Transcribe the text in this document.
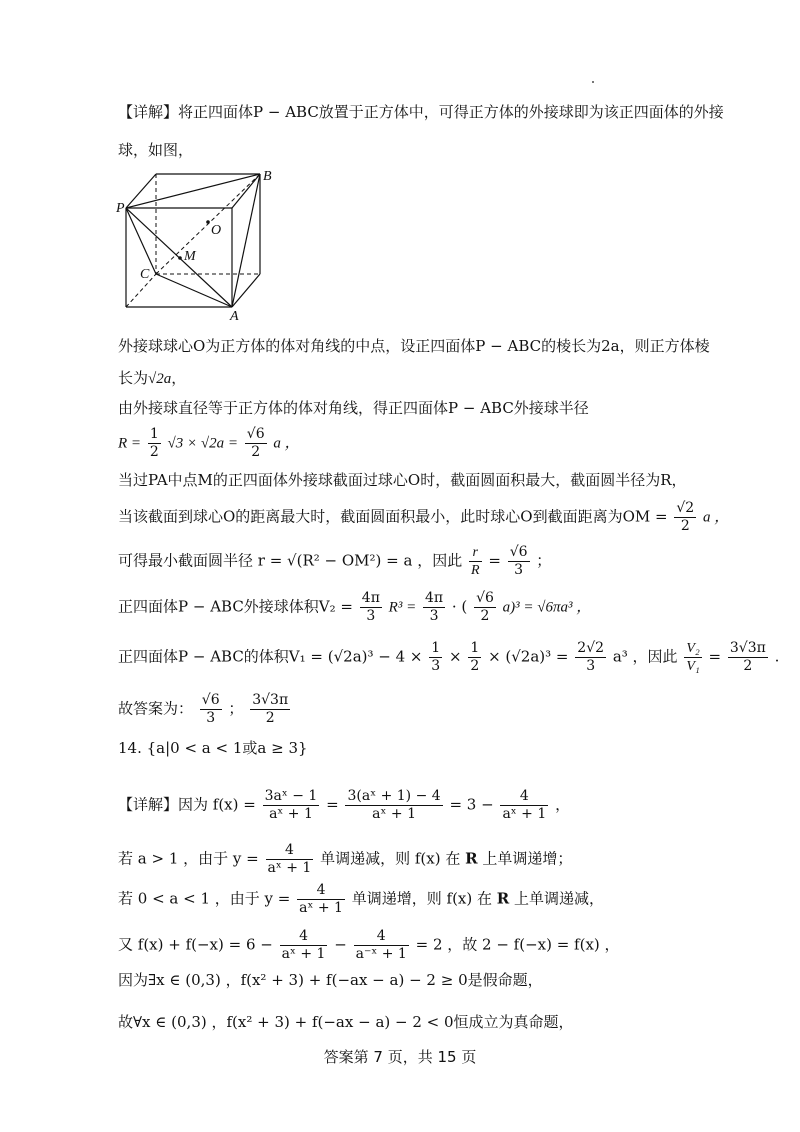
【详解】将正四面体P − ABC放置于正方体中，可得正方体的外接球即为该正四面体的外接
球，如图，
B
P
O
M
C
A
外接球球心O为正方体的体对角线的中点，设正四面体P − ABC的棱长为2a，则正方体棱
长为√2a，
由外接球直径等于正方体的体对角线，得正四面体P − ABC外接球半径
$R = \frac{1}{2} √3 \times √2a = \frac{√6}{2}$ a ，
当过PA中点M的正四面体外接球截面过球心O时，截面圆面积最大，截面圆半径为R，
当该截面到球心O的距离最大时，截面圆面积最小，此时球心O到截面距离为OM = $\frac{√2}{2}$ a ，
可得最小截面圆半径 r = √(R² − OM²) = a ，因此 $\frac{r}{R} = \frac{√6}{3}$ ；
正四面体P − ABC外接球体积$V_2 = \frac{4\pi}{3} R^3 = \frac{4\pi}{3}$ · ( $\frac{√6}{2} a)^3 = √6\pi a^3$ ，
正四面体P − ABC的体积$V_1 = (√2a)^3 - 4 \times \frac{1}{3} \times \frac{1}{2} \times (√2a)^3 = \frac{2√2}{3} a^3$ ，因此 $\frac{\text{V₂}}{\text{V₁}} = \frac{3√3\pi}{2}$ .
故答案为： $\frac{√6}{3}$ ； $\frac{3√3\pi}{2}$
14. {a|0 < a < 1或a ≥ 3}
【详解】因为 $f(x) = \frac{\text{3aˣ − 1}}{\text{aˣ + 1}} = \frac{\text{3(aˣ + 1) − 4}}{\text{aˣ + 1}} = 3 - \frac{4}{\text{aˣ + 1}}$ ，
若 a > 1 ，由于 $y = \frac{4}{\text{aˣ + 1}}$ 单调递减，则 f(x) 在 R 上单调递增；
若 0 < a < 1 ，由于 $y = \frac{4}{\text{aˣ + 1}}$ 单调递增，则 f(x) 在 R 上单调递减，
又 $f(x) + f(-x) = 6 - \frac{4}{\text{aˣ + 1}} - \frac{4}{\text{a⁻ˣ + 1}} = 2$ ，故 2 − f(−x) = f(x) ，
因为∃x ∈ (0,3) ，f(x² + 3) + f(−ax − a) − 2 ≥ 0是假命题，
故∀x ∈ (0,3) ，f(x² + 3) + f(−ax − a) − 2 < 0恒成立为真命题，
答案第 7 页，共 15 页
